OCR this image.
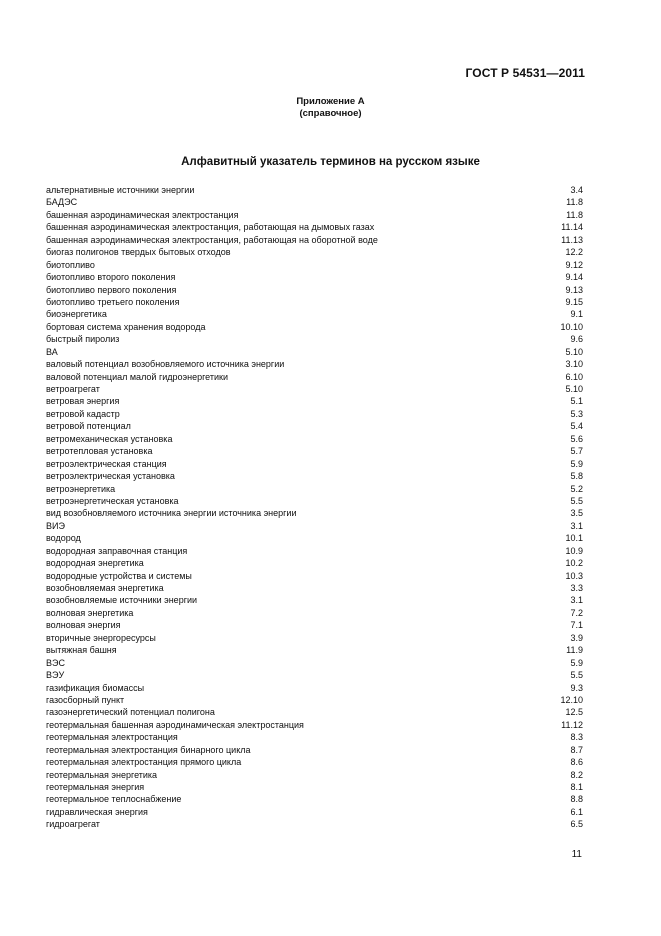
ГОСТ Р 54531—2011
Приложение А
(справочное)
Алфавитный указатель терминов на русском языке
альтернативные источники энергии	3.4
БАДЭС	11.8
башенная аэродинамическая электростанция	11.8
башенная аэродинамическая электростанция, работающая на дымовых газах	11.14
башенная аэродинамическая электростанция, работающая на оборотной воде	11.13
биогаз полигонов твердых бытовых отходов	12.2
биотопливо	9.12
биотопливо второго поколения	9.14
биотопливо первого поколения	9.13
биотопливо третьего поколения	9.15
биоэнергетика	9.1
бортовая система хранения водорода	10.10
быстрый пиролиз	9.6
ВА	5.10
валовый потенциал возобновляемого источника энергии	3.10
валовой потенциал малой гидроэнергетики	6.10
ветроагрегат	5.10
ветровая энергия	5.1
ветровой кадастр	5.3
ветровой потенциал	5.4
ветромеханическая установка	5.6
ветротепловая установка	5.7
ветроэлектрическая станция	5.9
ветроэлектрическая установка	5.8
ветроэнергетика	5.2
ветроэнергетическая установка	5.5
вид возобновляемого источника энергии источника энергии	3.5
ВИЭ	3.1
водород	10.1
водородная заправочная станция	10.9
водородная энергетика	10.2
водородные устройства и системы	10.3
возобновляемая энергетика	3.3
возобновляемые источники энергии	3.1
волновая энергетика	7.2
волновая энергия	7.1
вторичные энергоресурсы	3.9
вытяжная башня	11.9
ВЭС	5.9
ВЭУ	5.5
газификация биомассы	9.3
газосборный пункт	12.10
газоэнергетический потенциал полигона	12.5
геотермальная башенная аэродинамическая электростанция	11.12
геотермальная электростанция	8.3
геотермальная электростанция бинарного цикла	8.7
геотермальная электростанция прямого цикла	8.6
геотермальная энергетика	8.2
геотермальная энергия	8.1
геотермальное теплоснабжение	8.8
гидравлическая энергия	6.1
гидроагрегат	6.5
11
